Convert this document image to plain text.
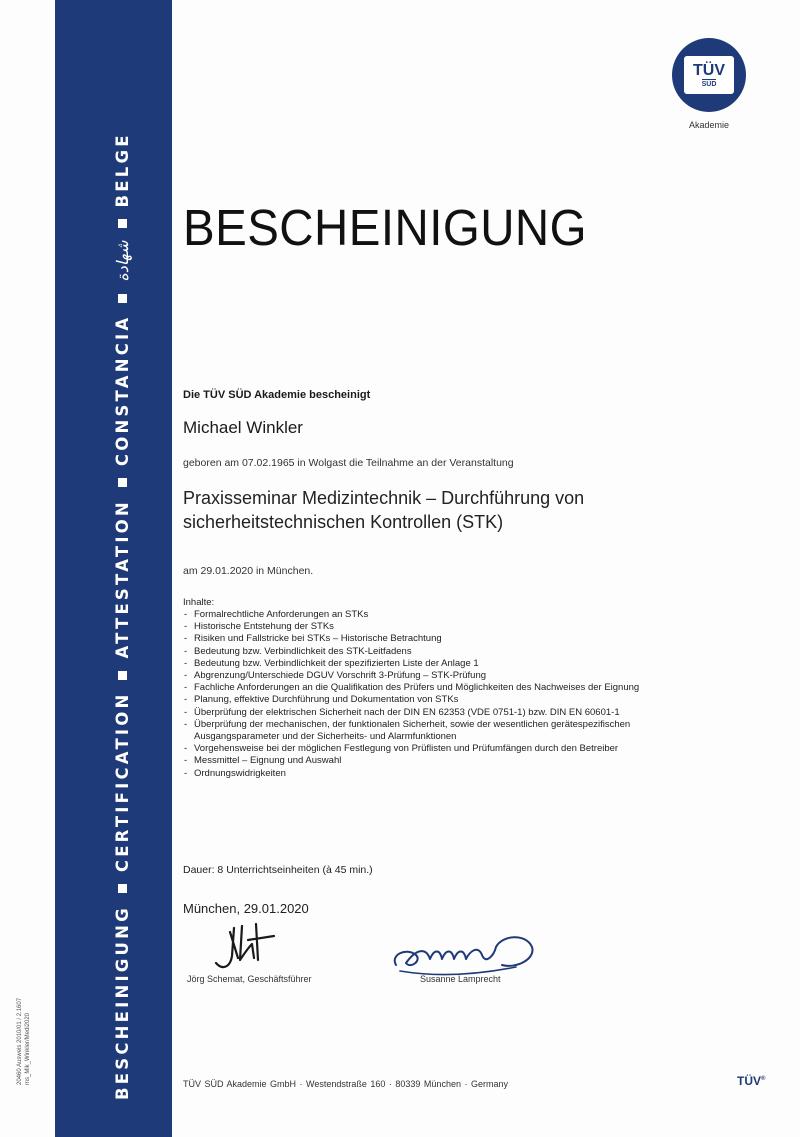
BESCHEINIGUNG
CERTIFICATION
ATTESTATION
CONSTANCIA
شهادة
BELGE
20460 Ausweis 2010/01 / 2.1607 ms_Mik_Winkler/Medi2020
TÜV
SÜD
Akademie
BESCHEINIGUNG
Die TÜV SÜD Akademie bescheinigt
Michael Winkler
geboren am 07.02.1965 in Wolgast die Teilnahme an der Veranstaltung
Praxisseminar Medizintechnik – Durchführung von sicherheitstechnischen Kontrollen (STK)
am 29.01.2020 in München.
Inhalte:
- Formalrechtliche Anforderungen an STKs
- Historische Entstehung der STKs
- Risiken und Fallstricke bei STKs – Historische Betrachtung
- Bedeutung bzw. Verbindlichkeit des STK-Leitfadens
- Bedeutung bzw. Verbindlichkeit der spezifizierten Liste der Anlage 1
- Abgrenzung/Unterschiede DGUV Vorschrift 3-Prüfung – STK-Prüfung
- Fachliche Anforderungen an die Qualifikation des Prüfers und Möglichkeiten des Nachweises der Eignung
- Planung, effektive Durchführung und Dokumentation von STKs
- Überprüfung der elektrischen Sicherheit nach der DIN EN 62353 (VDE 0751-1) bzw. DIN EN 60601-1
- Überprüfung der mechanischen, der funktionalen Sicherheit, sowie der wesentlichen gerätespezifischen Ausgangsparameter und der Sicherheits- und Alarmfunktionen
- Vorgehensweise bei der möglichen Festlegung von Prüflisten und Prüfumfängen durch den Betreiber
- Messmittel – Eignung und Auswahl
- Ordnungswidrigkeiten
Dauer: 8 Unterrichtseinheiten (à 45 min.)
München, 29.01.2020
Jörg Schemat, Geschäftsführer	Susanne Lamprecht
TÜV SÜD Akademie GmbH · Westendstraße 160 · 80339 München · Germany	TÜV®
